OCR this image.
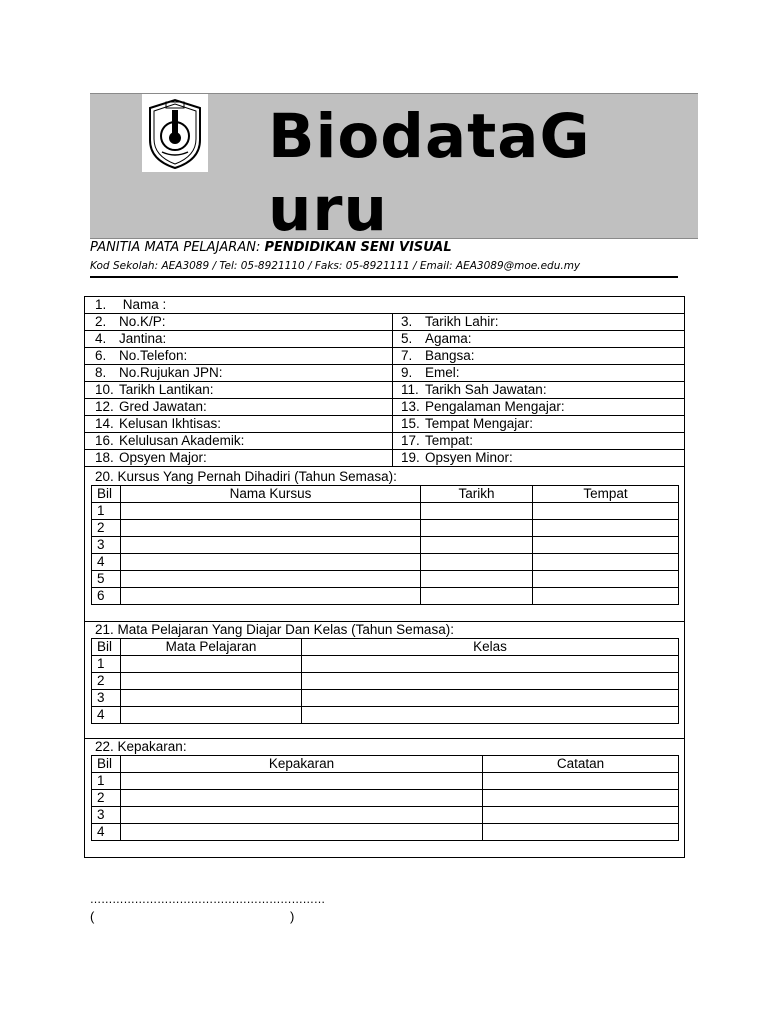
BiodataGuru
PANITIA MATA PELAJARAN: PENDIDIKAN SENI VISUAL
Kod Sekolah: AEA3089 / Tel: 05-8921110 / Faks: 05-8921111 / Email: AEA3089@moe.edu.my
1. Nama :
2. No.K/P:	3. Tarikh Lahir:
4. Jantina:	5. Agama:
6. No.Telefon:	7. Bangsa:
8. No.Rujukan JPN:	9. Emel:
10. Tarikh Lantikan:	11. Tarikh Sah Jawatan:
12. Gred Jawatan:	13. Pengalaman Mengajar:
14. Kelusan Ikhtisas:	15. Tempat Mengajar:
16. Kelulusan Akademik:	17. Tempat:
18. Opsyen Major:	19. Opsyen Minor:
20. Kursus Yang Pernah Dihadiri (Tahun Semasa):
Bil	Nama Kursus	Tarikh	Tempat
1			
2			
3			
4			
5			
6			
21. Mata Pelajaran Yang Diajar Dan Kelas (Tahun Semasa):
Bil	Mata Pelajaran	Kelas
1		
2		
3		
4		
22. Kepakaran:
Bil	Kepakaran	Catatan
1		
2		
3		
4		
………………………………………………………
(	)
